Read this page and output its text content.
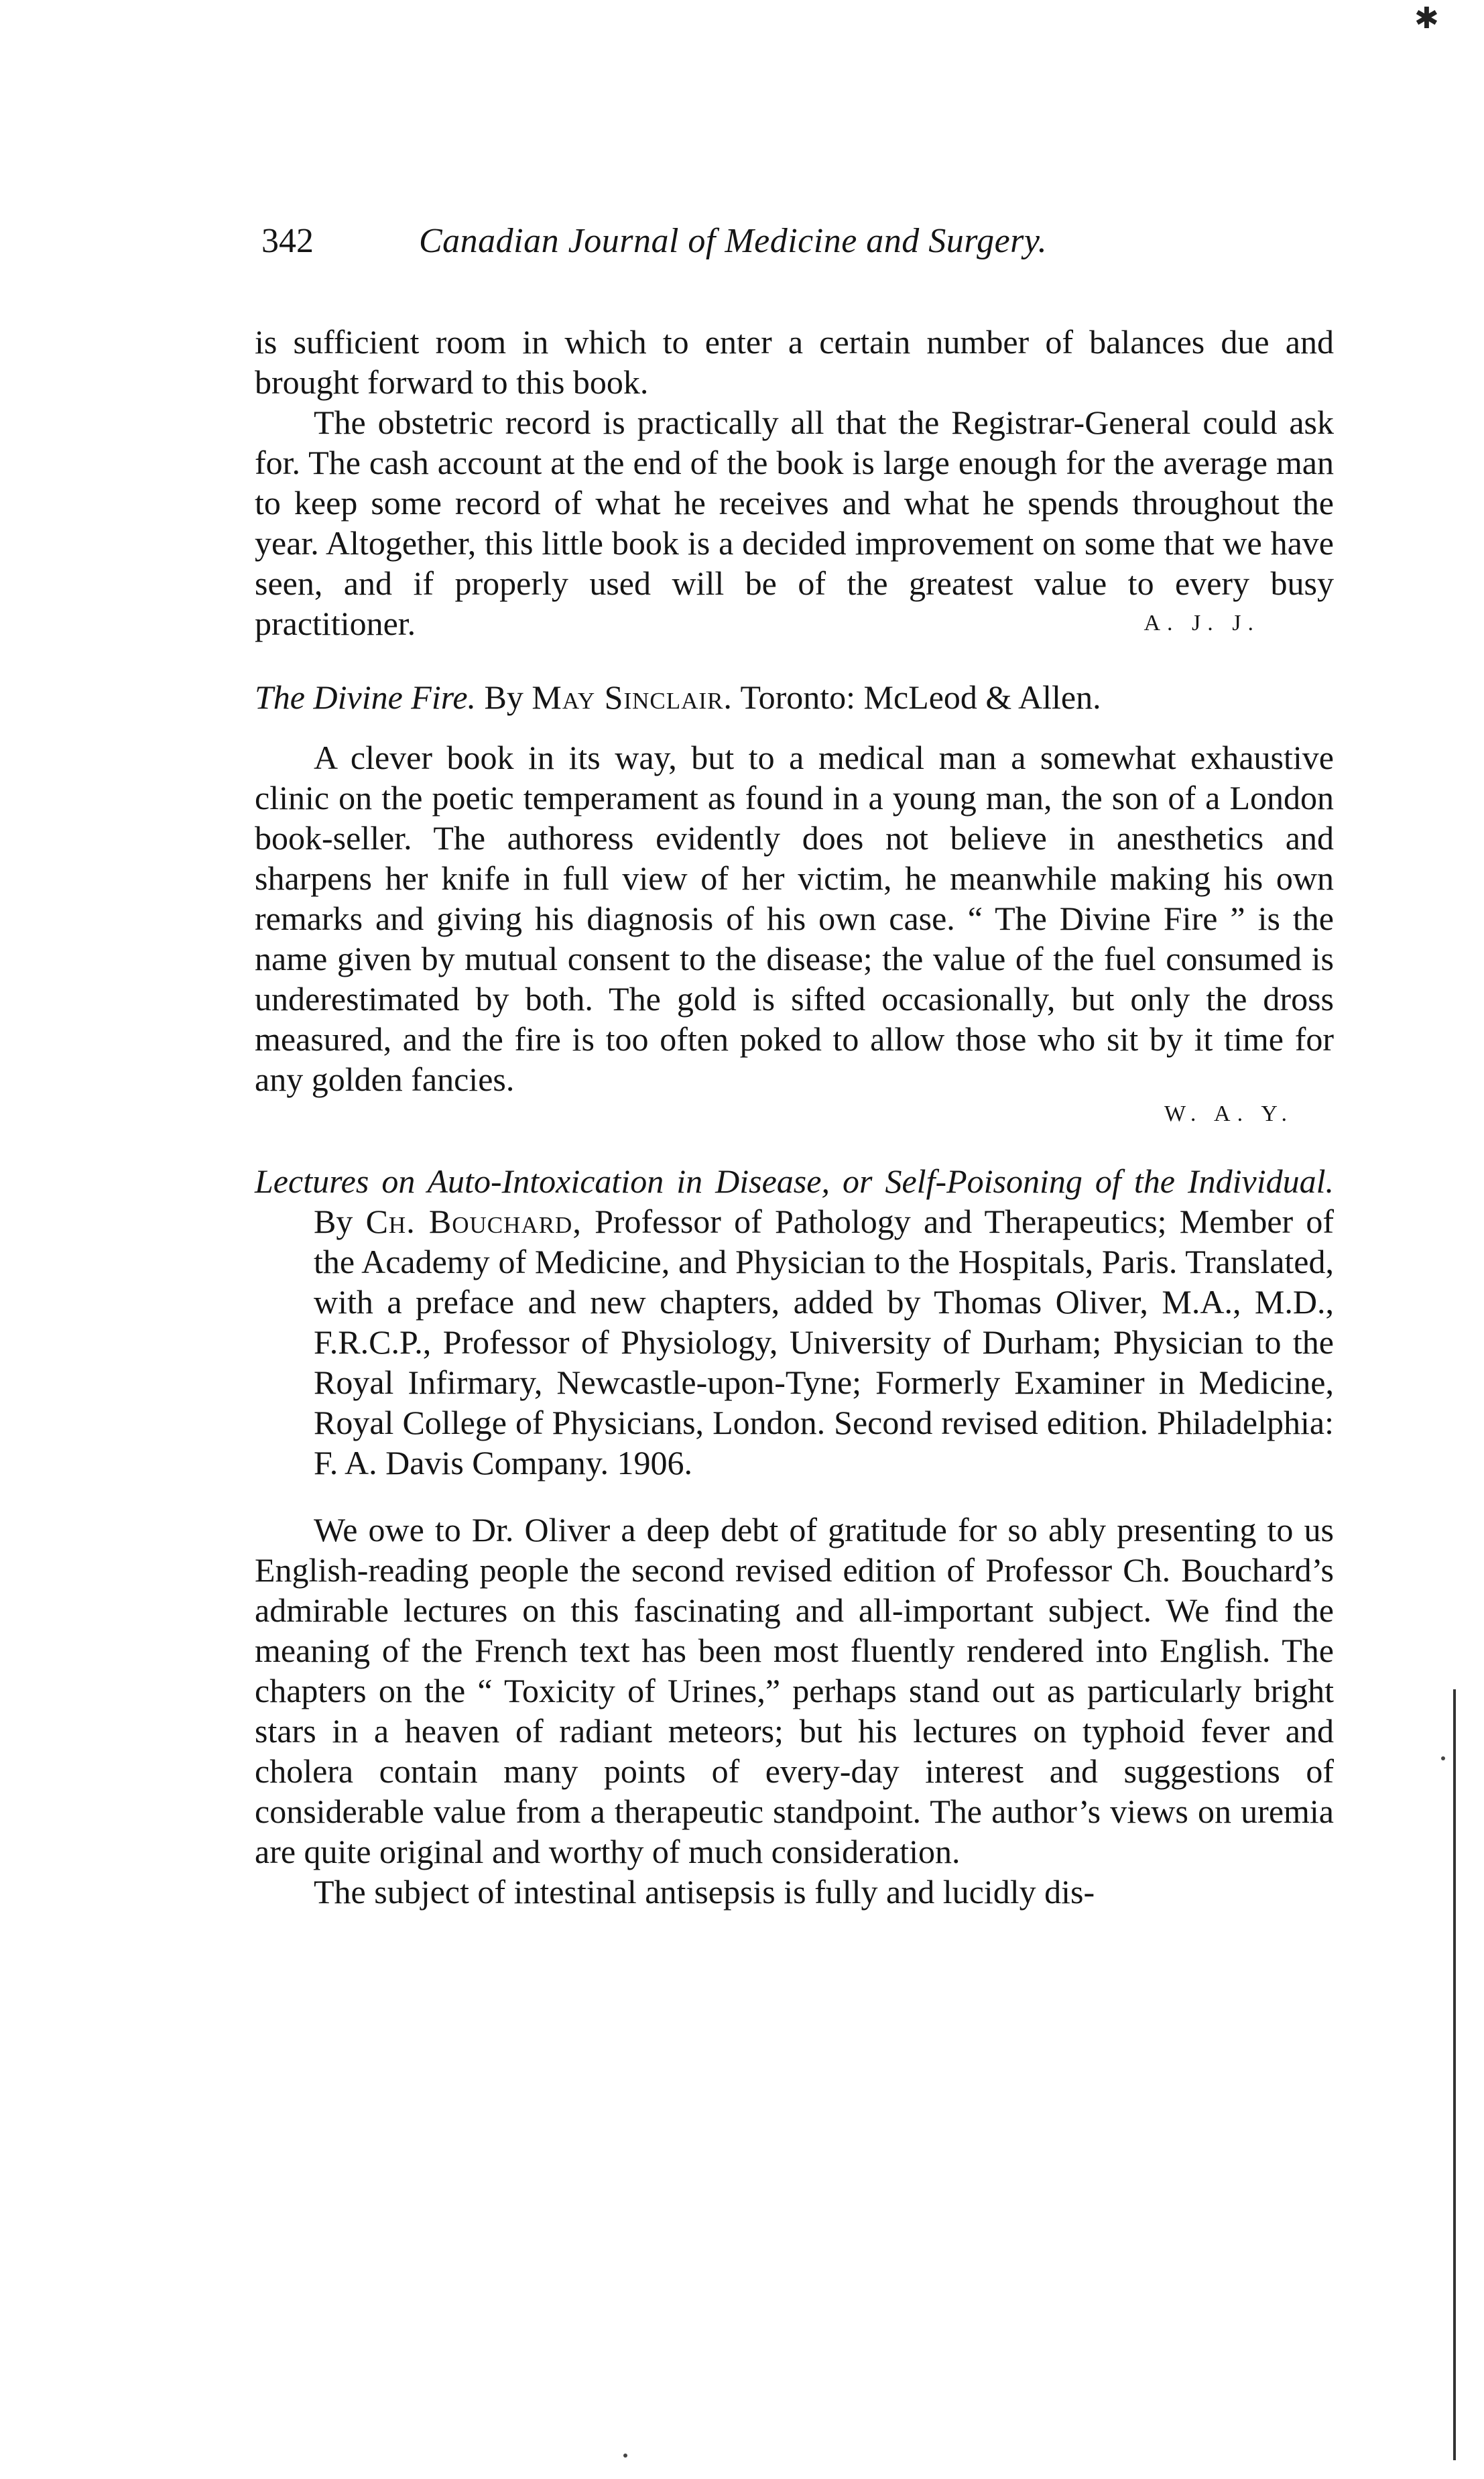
✱
342	Canadian Journal of Medicine and Surgery.

is sufficient room in which to enter a certain number of balances due and brought forward to this book.

The obstetric record is practically all that the Registrar-General could ask for. The cash account at the end of the book is large enough for the average man to keep some record of what he receives and what he spends throughout the year. Altogether, this little book is a decided improvement on some that we have seen, and if properly used will be of the greatest value to every busy practitioner.	A. J. J.

The Divine Fire. By May Sinclair. Toronto: McLeod & Allen.

A clever book in its way, but to a medical man a somewhat exhaustive clinic on the poetic temperament as found in a young man, the son of a London book-seller. The authoress evidently does not believe in anesthetics and sharpens her knife in full view of her victim, he meanwhile making his own remarks and giving his diagnosis of his own case. “ The Divine Fire ” is the name given by mutual consent to the disease; the value of the fuel consumed is underestimated by both. The gold is sifted occasionally, but only the dross measured, and the fire is too often poked to allow those who sit by it time for any golden fancies.

W. A. Y.

Lectures on Auto-Intoxication in Disease, or Self-Poisoning of the Individual. By Ch. Bouchard, Professor of Pathology and Therapeutics; Member of the Academy of Medicine, and Physician to the Hospitals, Paris. Translated, with a preface and new chapters, added by Thomas Oliver, M.A., M.D., F.R.C.P., Professor of Physiology, University of Durham; Physician to the Royal Infirmary, Newcastle-upon-Tyne; Formerly Examiner in Medicine, Royal College of Physicians, London. Second revised edition. Philadelphia: F. A. Davis Company. 1906.

We owe to Dr. Oliver a deep debt of gratitude for so ably presenting to us English-reading people the second revised edition of Professor Ch. Bouchard’s admirable lectures on this fascinating and all-important subject. We find the meaning of the French text has been most fluently rendered into English. The chapters on the “ Toxicity of Urines,” perhaps stand out as particularly bright stars in a heaven of radiant meteors; but his lectures on typhoid fever and cholera contain many points of every-day interest and suggestions of considerable value from a therapeutic standpoint. The author’s views on uremia are quite original and worthy of much consideration.

The subject of intestinal antisepsis is fully and lucidly dis-
